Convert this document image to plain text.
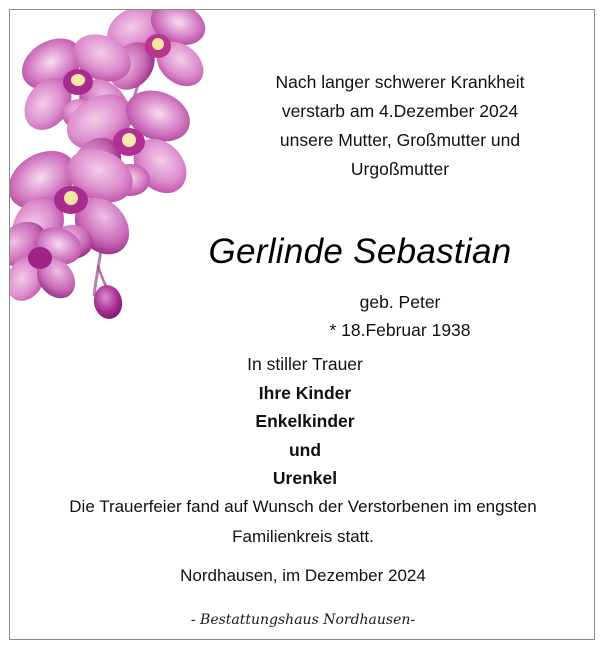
Nach langer schwerer Krankheit
verstarb am 4.Dezember 2024
unsere Mutter, Großmutter und
Urgoßmutter
Gerlinde Sebastian
geb. Peter
* 18.Februar 1938
In stiller Trauer
Ihre Kinder
Enkelkinder
und
Urenkel
Die Trauerfeier fand auf Wunsch der Verstorbenen im engsten
Familienkreis statt.
Nordhausen, im Dezember 2024
- Bestattungshaus Nordhausen-
